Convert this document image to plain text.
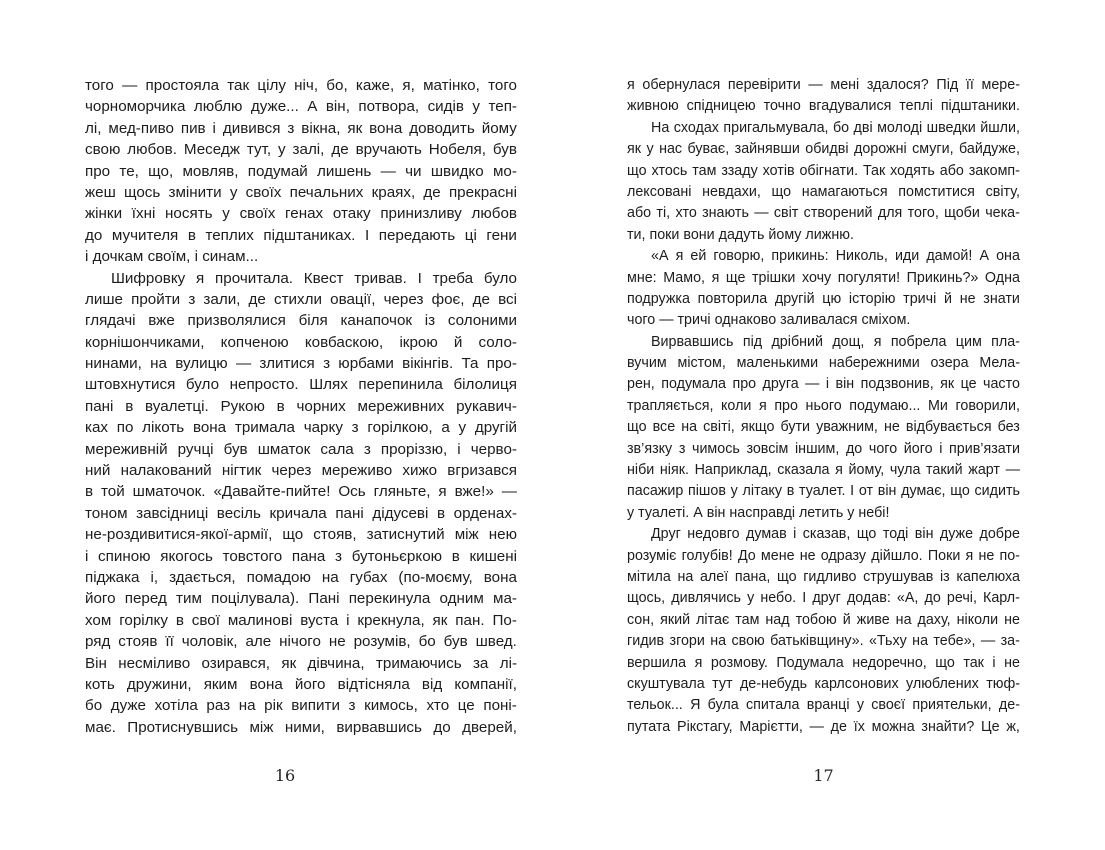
того — простояла так цілу ніч, бо, каже, я, матінко, того
чорноморчика люблю дуже... А він, потвора, сидів у теп-
лі, мед-пиво пив і дивився з вікна, як вона доводить йому
свою любов. Меседж тут, у залі, де вручають Нобеля, був
про те, що, мовляв, подумай лишень — чи швидко мо-
жеш щось змінити у своїх печальних краях, де прекрасні
жінки їхні носять у своїх генах отаку принизливу любов
до мучителя в теплих підштаниках. І передають ці гени
і дочкам своїм, і синам...
Шифровку я прочитала. Квест тривав. І треба було
лише пройти з зали, де стихли овації, через фоє, де всі
глядачі вже призволялися біля канапочок із солоними
корнішончиками, копченою ковбаскою, ікрою й соло-
нинами, на вулицю — злитися з юрбами вікінгів. Та про-
штовхнутися було непросто. Шлях перепинила білолиця
пані в вуалетці. Рукою в чорних мереживних рукавич-
ках по лікоть вона тримала чарку з горілкою, а у другій
мереживній ручці був шматок сала з проріззю, і черво-
ний налакований нігтик через мереживо хижо вгризався
в той шматочок. «Давайте-пийте! Ось гляньте, я вже!» —
тоном завсідниці весіль кричала пані дідусеві в орденах-
не-роздивитися-якої-армії, що стояв, затиснутий між нею
і спиною якогось товстого пана з бутоньєркою в кишені
піджака і, здається, помадою на губах (по-моєму, вона
його перед тим поцілувала). Пані перекинула одним ма-
хом горілку в свої малинові вуста і крекнула, як пан. По-
ряд стояв її чоловік, але нічого не розумів, бо був швед.
Він несміливо озирався, як дівчина, тримаючись за лі-
коть дружини, яким вона його відтісняла від компанії,
бо дуже хотіла раз на рік випити з кимось, хто це поні-
має. Протиснувшись між ними, вирвавшись до дверей,
16
я обернулася перевірити — мені здалося? Під її мере-
живною спідницею точно вгадувалися теплі підштаники.
На сходах пригальмувала, бо дві молоді шведки йшли,
як у нас буває, зайнявши обидві дорожні смуги, байдуже,
що хтось там ззаду хотів обігнати. Так ходять або закомп-
лексовані невдахи, що намагаються помститися світу,
або ті, хто знають — світ створений для того, щоби чека-
ти, поки вони дадуть йому лижню.
«А я ей говорю, прикинь: Николь, иди дамой! А она
мне: Мамо, я ще трішки хочу погуляти! Прикинь?» Одна
подружка повторила другій цю історію тричі й не знати
чого — тричі однаково заливалася сміхом.
Вирвавшись під дрібний дощ, я побрела цим пла-
вучим містом, маленькими набережними озера Мела-
рен, подумала про друга — і він подзвонив, як це часто
трапляється, коли я про нього подумаю... Ми говорили,
що все на світі, якщо бути уважним, не відбувається без
зв’язку з чимось зовсім іншим, до чого його і прив’язати
ніби ніяк. Наприклад, сказала я йому, чула такий жарт —
пасажир пішов у літаку в туалет. І от він думає, що сидить
у туалеті. А він насправді летить у небі!
Друг недовго думав і сказав, що тоді він дуже добре
розуміє голубів! До мене не одразу дійшло. Поки я не по-
мітила на алеї пана, що гидливо струшував із капелюха
щось, дивлячись у небо. І друг додав: «А, до речі, Карл-
сон, який літає там над тобою й живе на даху, ніколи не
гидив згори на свою батьківщину». «Тьху на тебе», — за-
вершила я розмову. Подумала недоречно, що так і не
скуштувала тут де-небудь карлсонових улюблених тюф-
тельок... Я була спитала вранці у своєї приятельки, де-
путата Рікстагу, Марієтти, — де їх можна знайти? Це ж,
17
